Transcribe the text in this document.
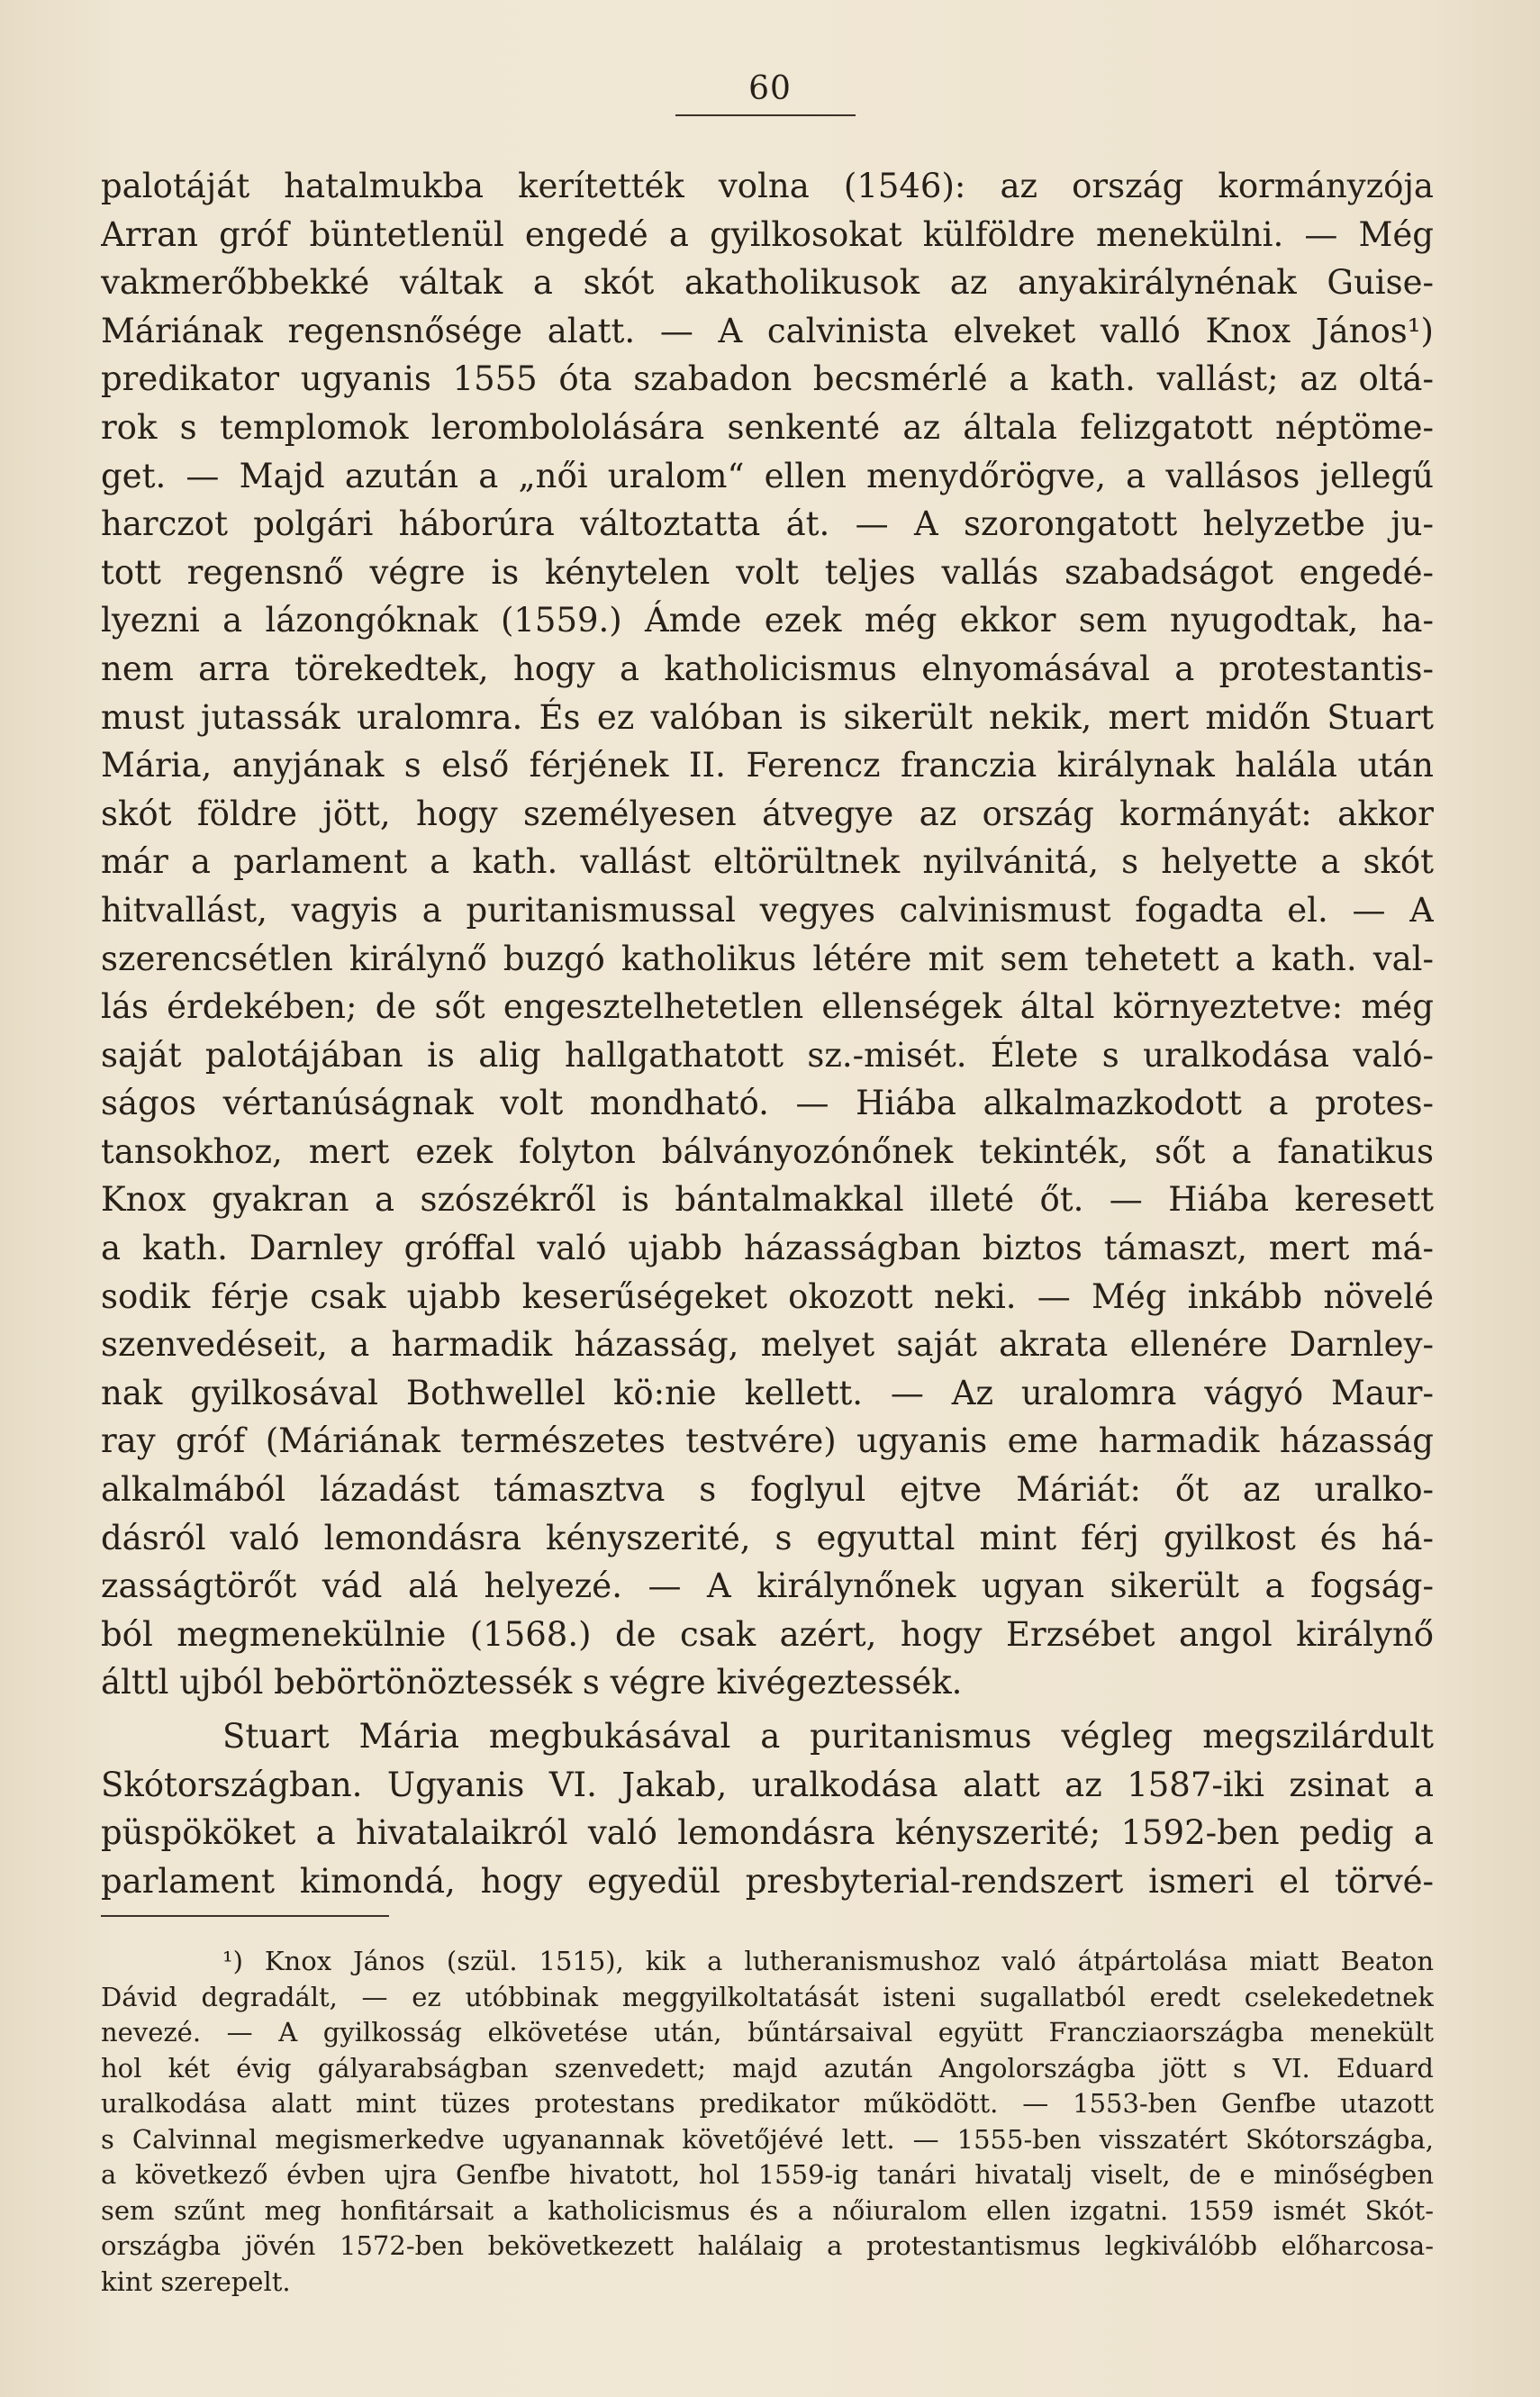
60
palotáját hatalmukba kerítették volna (1546): az ország kormányzója
Arran gróf büntetlenül engedé a gyilkosokat külföldre menekülni. — Még
vakmerőbbekké váltak a skót akatholikusok az anyakirálynénak Guise-
Máriának regensnősége alatt. — A calvinista elveket valló Knox János¹)
predikator ugyanis 1555 óta szabadon becsmérlé a kath. vallást; az oltá-
rok s templomok lerombololására senkenté az általa felizgatott néptöme-
get. — Majd azután a „női uralom“ ellen menydőrögve, a vallásos jellegű
harczot polgári háborúra változtatta át. — A szorongatott helyzetbe ju-
tott regensnő végre is kénytelen volt teljes vallás szabadságot engedé-
lyezni a lázongóknak (1559.) Ámde ezek még ekkor sem nyugodtak, ha-
nem arra törekedtek, hogy a katholicismus elnyomásával a protestantis-
must jutassák uralomra. És ez valóban is sikerült nekik, mert midőn Stuart
Mária, anyjának s első férjének II. Ferencz franczia királynak halála után
skót földre jött, hogy személyesen átvegye az ország kormányát: akkor
már a parlament a kath. vallást eltörültnek nyilvánitá, s helyette a skót
hitvallást, vagyis a puritanismussal vegyes calvinismust fogadta el. — A
szerencsétlen királynő buzgó katholikus létére mit sem tehetett a kath. val-
lás érdekében; de sőt engesztelhetetlen ellenségek által környeztetve: még
saját palotájában is alig hallgathatott sz.-misét. Élete s uralkodása való-
ságos vértanúságnak volt mondható. — Hiába alkalmazkodott a protes-
tansokhoz, mert ezek folyton bálványozónőnek tekinték, sőt a fanatikus
Knox gyakran a szószékről is bántalmakkal illeté őt. — Hiába keresett
a kath. Darnley gróffal való ujabb házasságban biztos támaszt, mert má-
sodik férje csak ujabb keserűségeket okozott neki. — Még inkább növelé
szenvedéseit, a harmadik házasság, melyet saját akrata ellenére Darnley-
nak gyilkosával Bothwellel kö:nie kellett. — Az uralomra vágyó Maur-
ray gróf (Máriának természetes testvére) ugyanis eme harmadik házasság
alkalmából lázadást támasztva s foglyul ejtve Máriát: őt az uralko-
dásról való lemondásra kényszerité, s egyuttal mint férj gyilkost és há-
zasságtörőt vád alá helyezé. — A királynőnek ugyan sikerült a fogság-
ból megmenekülnie (1568.) de csak azért, hogy Erzsébet angol királynő
álttl ujból bebörtönöztessék s végre kivégeztessék.
Stuart Mária megbukásával a puritanismus végleg megszilárdult
Skótországban. Ugyanis VI. Jakab, uralkodása alatt az 1587-iki zsinat a
püspököket a hivatalaikról való lemondásra kényszerité; 1592-ben pedig a
parlament kimondá, hogy egyedül presbyterial-rendszert ismeri el törvé-
¹) Knox János (szül. 1515), kik a lutheranismushoz való átpártolása miatt Beaton
Dávid degradált, — ez utóbbinak meggyilkoltatását isteni sugallatból eredt cselekedetnek
nevezé. — A gyilkosság elkövetése után, bűntársaival együtt Francziaországba menekült
hol két évig gályarabságban szenvedett; majd azután Angolországba jött s VI. Eduard
uralkodása alatt mint tüzes protestans predikator működött. — 1553-ben Genfbe utazott
s Calvinnal megismerkedve ugyanannak követőjévé lett. — 1555-ben visszatért Skótországba,
a következő évben ujra Genfbe hivatott, hol 1559-ig tanári hivatalj viselt, de e minőségben
sem szűnt meg honfitársait a katholicismus és a nőiuralom ellen izgatni. 1559 ismét Skót-
országba jövén 1572-ben bekövetkezett halálaig a protestantismus legkiválóbb előharcosa-
kint szerepelt.
